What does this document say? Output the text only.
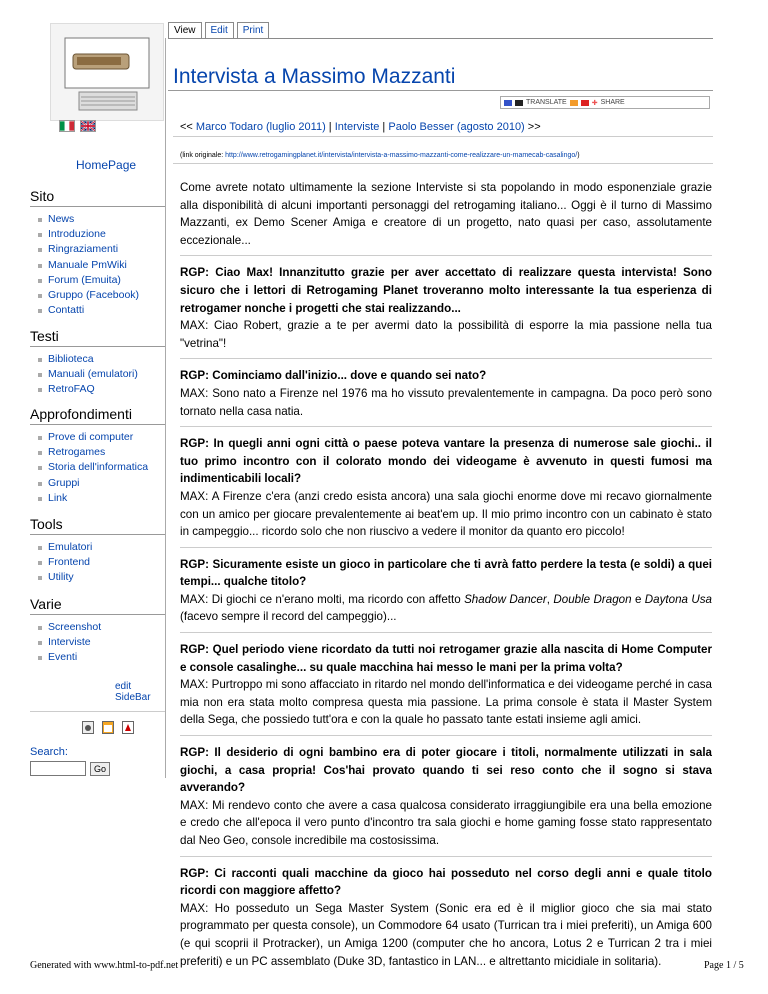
View	Edit	Print
HomePage
Sito
News
Introduzione
Ringraziamenti
Manuale PmWiki
Forum (Emuita)
Gruppo (Facebook)
Contatti
Testi
Biblioteca
Manuali (emulatori)
RetroFAQ
Approfondimenti
Prove di computer
Retrogames
Storia dell'informatica
Gruppi
Link
Tools
Emulatori
Frontend
Utility
Varie
Screenshot
Interviste
Eventi
edit SideBar
Search:
Go
Intervista a Massimo Mazzanti
TRANSLATE	✚ SHARE
<< Marco Todaro (luglio 2011) | Interviste | Paolo Besser (agosto 2010) >>
(link originale: http://www.retrogamingplanet.it/intervista/intervista-a-massimo-mazzanti-come-realizzare-un-mamecab-casalingo/)

Come avrete notato ultimamente la sezione Interviste si sta popolando in modo esponenziale grazie alla disponibilità di alcuni importanti personaggi del retrogaming italiano... Oggi è il turno di Massimo Mazzanti, ex Demo Scener Amiga e creatore di un progetto, nato quasi per caso, assolutamente eccezionale...

RGP: Ciao Max! Innanzitutto grazie per aver accettato di realizzare questa intervista! Sono sicuro che i lettori di Retrogaming Planet troveranno molto interessante la tua esperienza di retrogamer nonche i progetti che stai realizzando...
MAX: Ciao Robert, grazie a te per avermi dato la possibilità di esporre la mia passione nella tua "vetrina"!

RGP: Cominciamo dall'inizio... dove e quando sei nato?
MAX: Sono nato a Firenze nel 1976 ma ho vissuto prevalentemente in campagna. Da poco però sono tornato nella casa natia.

RGP: In quegli anni ogni città o paese poteva vantare la presenza di numerose sale giochi.. il tuo primo incontro con il colorato mondo dei videogame è avvenuto in questi fumosi ma indimenticabili locali?
MAX: A Firenze c'era (anzi credo esista ancora) una sala giochi enorme dove mi recavo giornalmente con un amico per giocare prevalentemente ai beat'em up. Il mio primo incontro con un cabinato è stato in campeggio... ricordo solo che non riuscivo a vedere il monitor da quanto ero piccolo!

RGP: Sicuramente esiste un gioco in particolare che ti avrà fatto perdere la testa (e soldi) a quei tempi... qualche titolo?
MAX: Di giochi ce n'erano molti, ma ricordo con affetto Shadow Dancer, Double Dragon e Daytona Usa (facevo sempre il record del campeggio)...

RGP: Quel periodo viene ricordato da tutti noi retrogamer grazie alla nascita di Home Computer e console casalinghe... su quale macchina hai messo le mani per la prima volta?
MAX: Purtroppo mi sono affacciato in ritardo nel mondo dell'informatica e dei videogame perché in casa mia non era stata molto compresa questa mia passione. La prima console è stata il Master System della Sega, che possiedo tutt'ora e con la quale ho passato tante estati insieme agli amici.

RGP: Il desiderio di ogni bambino era di poter giocare i titoli, normalmente utilizzati in sala giochi, a casa propria! Cos'hai provato quando ti sei reso conto che il sogno si stava avverando?
MAX: Mi rendevo conto che avere a casa qualcosa considerato irraggiungibile era una bella emozione e credo che all'epoca il vero punto d'incontro tra sala giochi e home gaming fosse stato rappresentato dal Neo Geo, console incredibile ma costosissima.

RGP: Ci racconti quali macchine da gioco hai posseduto nel corso degli anni e quale titolo ricordi con maggiore affetto?
MAX: Ho posseduto un Sega Master System (Sonic era ed è il miglior gioco che sia mai stato programmato per questa console), un Commodore 64 usato (Turrican tra i miei preferiti), un Amiga 600 (e qui scoprii il Protracker), un Amiga 1200 (computer che ho ancora, Lotus 2 e Turrican 2 tra i miei preferiti) e un PC assemblato (Duke 3D, fantastico in LAN... e altrettanto micidiale in solitaria).

Generated with www.html-to-pdf.net	Page 1 / 5
